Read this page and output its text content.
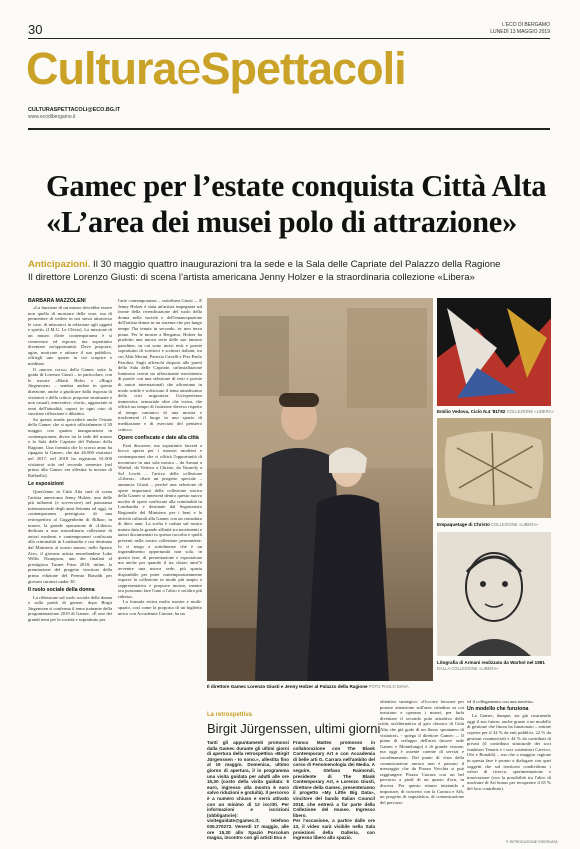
30	L'ECO DI BERGAMO
LUNEDÌ 13 MAGGIO 2019
CulturaeSpettacoli
CULTURASPETTACOLI@ECO.BG.IT
www.ecodibergamo.it
Gamec per l’estate conquista Città Alta
«L’area dei musei polo di attrazione»
Anticipazioni. Il 30 maggio quattro inaugurazioni tra la sede e la Sala delle Capriate del Palazzo della Ragione
Il direttore Lorenzo Giusti: di scena l’artista americana Jenny Holzer e la straordinaria collezione «Libera»
BARBARA MAZZOLENI

«La funzione di un museo dovrebbe essere non quella di mostrare delle cose, ma di permettere di vedere in noi stessi attraverso le cose, di misurarci in relazione agli oggetti e spiriti» (J.M.G. Le Clézio). La missione di un museo d'arte contemporanea è sì conservare ed esporre, ma soprattutto diventare un'opportunità. Deve proporre, agire, motivare e attirare il suo pubblico, offrirgli uno spazio in cui scoprire e meditare.

Il «nuovo corso» della Gamec sotto la guida di Lorenzo Giusti – in particolare, con le mostre «Black Hole» e «Birgit Jürgenssen» – sembra andare in questa direzione, anche a giudicare dalla risposta di visitatori e della critica: proposte strutturate e non casuali, innovative, «forti», agganciate ai temi dell'attualità, capaci in ogni caso di suscitare riflessione e dibattito.

Su questa strada procederà anche l'estate della Gamec che si aprirà ufficialmente il 30 maggio con quattro inaugurazioni in contemporanea, divise tra la sede del museo e la Sala delle Capriate del Palazzo della Ragione. Una formula che lo scorso anno ha ripagato la Gamec, che dai 46.000 visitatori nel 2017, nel 2018 ha registrato 61.000 visitatori solo nel secondo semestre (nel primo alla Gamec era allestita la mostra di Raffaello).

Le esposizioni

Quest'anno in Città Alta sarà di scena l'artista americana Jenny Holzer, una delle più influenti (e sovversive) nel panorama internazionale degli anni Settanta ad oggi, in contemporanea prestigiosa di una retrospettiva al Guggenheim di Bilbao; in museo, la grande operazione di «Libera» dedicata a una straordinaria collezione di autori moderni e contemporanei confiscata alla criminalità in Lombardia e ora destinata dal Ministero al nostro museo; nello Spazio Zero, il giovane artista neozelandese Luke Willis Thompson, uno dei finalisti al prestigioso Turner Prize 2018; infine, la premiazione del progetto vincitore della prima edizione del Premio Bonaldi per giovani curatori under 30.

Il ruolo sociale della donna

La riflessione sul ruolo sociale della donna e sulla parità di genere, dopo Birgit Jürgenssen si conferma il tema trainante della programmazione 2019 di Gamec. «È uno dei grandi temi per la società e soprattutto per

l'arte contemporanea – sottolinea Giusti –. E Jenny Holzer è stata un'artista impegnata sul fronte della rivendicazione del ruolo della donna nella società e dell'emancipazione dell'artista donna in un sistema che per lungo tempo l'ha tenuta in secondo, se non terzo piano. Per le mostre a Bergamo, Holzer ha prodotto una nuova serie delle sue famose panchine, su cui sono incisi testi e poesie soprattutto di scrittrici e scrittori italiani, tra cui Alda Merini, Patrizia Cavalli e Pier Paolo Pasolini. Sugli affreschi disposti alle pareti della Sala delle Capriate, un'installazione luminosa creerà un affascinante movimento di parole con una selezione di testi e poesie di autori internazionali che affrontano in modo sottile e sofisticato il tema attualissimo della crisi migratoria. Un'esperienza immersiva, sensoriale oltre che visiva, che offrirà un tempo di fruizione diverso rispetto al tempo canonico di una mostra e trasformerà il luogo in uno spazio di meditazione e di esercizio del pensiero critico».

Opere confiscate e date alla città

Farà discutere, ma soprattutto lascerà a bocca aperta per i maestri moderni e contemporanei che ci offrirà l'opportunità di incontrare in una sola mostra – da Arman a Warhol, da Vedova a Christo, da Vasarely a Sol Lewitt – l'arrivo della collezione «Libera». «Sarà un progetto speciale – annuncia Giusti – perché una selezione di opere importanti della collezione storica della Gamec si innesterà dentro questo nuovo nucleo di opere confiscate alla criminalità in Lombardia e destinate dal Segretariato Regionale del Ministero per i beni e le attività culturali alla Gamec con un comodato di dieci anni. La scelta è caduta sul nostro museo data la grande affinità tra movimenti e autori documentati in questa raccolta e quelli presenti nella nostra collezione permanente. Io ci tengo a sottolineare che è un ingrandimento opportunità non solo, in questa fase, di presentazione e esposizione ma anche per quando il tra chiaro anni”è avvenire una nuova sede, più spazia disponibile per poter contemporaneamente esporre la collezione in modo più ampio e rappresentativo e proporre mostre, mentre ora possiamo fare l'uno o l'altro e un'altra più ridotta».

La formula estiva molto mostre e multi-spazio, così come la proposta di un biglietto unico con Accademia Carrara, ha un

Il direttore Gamec Lorenzo Giusti e Jenny Holzer al Palazzo della Ragione FOTO PAOLO BIAVA
Emilio Vedova, Ciclo N.4 '81/'82 COLLEZIONE «LIBERA»
Empaquetage di Christo COLLEZIONE «LIBERA»
Litografia di Armani realizzata da Warhol nel 1981
DALLA COLLEZIONE «LIBERA»
La retrospettiva
Birgit Jürgenssen, ultimi giorni
Tanti gli appuntamenti promossi dalla Gamec durante gli ultimi giorni di apertura della retrospettiva «Birgit Jürgenssen - Io sono.», allestita fino al 19 maggio. Domenica, ultimo giorno di apertura, il in programma una visita guidata per adulti alle ore 15,30 (costo della visita guidata: 6 euro, ingresso alla mostra 6 euro salvo riduzioni e gratuità). Il percorso è a numero chiuso e verrà attivato con un minimo di 12 iscritti. Per informazioni e iscrizioni (obbligatorie): visiteguidate@gamec.it; telefono 035.270272. Venerdì 17 maggio, alle ore 15.30 allo Spazio Porcolum magna, incontro con gli artisti Eva e
Franco Mattes promosso in collaborazione con The Blank Contemporary Art e con Accademia di belle arti G. Carrara nell'ambito del corso di Fenomenologia dei Media. A seguire, Stefano Raimondi, presidente di The Blank Contemporary Art, e Lorenzo Giusti, direttore della Gamec, presenteranno il progetto «My Little Big Data», vincitore del bando Italian Council 2018, che entrerà a far parte della Collezione del museo. Ingresso libero.
Per l'occasione, a partire dalle ore 13, il video sarà visibile nella Sala proiezioni della Galleria, con ingresso libero allo spazio.
obiettivo strategico: «Occorre lavorare per portare attenzione sull'area cittadina su cui insistono e operano i musei, per farla diventare il secondo polo attrattivo della città, un'alternativa al giro classico di Città Alta che già gode di un flusso spontaneo di visitatori» - spiega il direttore Gamec –. Il piano di sviluppo dell'area (nuove sede Gamec e Montelungo) è di grande visione, ma oggi è assente carente di servizi e coordinamento. Dal punto di vista della comunicazione ancora non è passato il messaggio che da Piazza Vecchia si può raggiungere Piazza Carrara con un bel percorso a piedi di un quarto d'ora, in discesa. Per questo stiamo iniziando a impostare, di concerto con la Carrara e Afh, un progetto di segnaletica, di comunicazione del percorso

ed il collegamento con una navetta».

Un modello che funziona

La Gamec, dunque, sta già costruendo oggi il suo futuro, anche grazie a un modello di gestione che finora ha funzionato – entrate coperte per il 34 % da enti pubblici, 22 % da gestioni commerciali e 44 % da contributi di privati (il contributo strutturale dei soci fondatori Tenaris e i soci sostenitori Carvico, Ubi e Bonaldi) – ma che a maggior ragione in questa fase è pronto a dialogare con quei soggetti che sul territorio condividono i valori di ricerca, sperimentazione e innovazione (con la possibilità tra l'altro di usufruire di Art bonus per recuperare il 65 % del loro contributo).

© RIPRODUZIONE RISERVATA
